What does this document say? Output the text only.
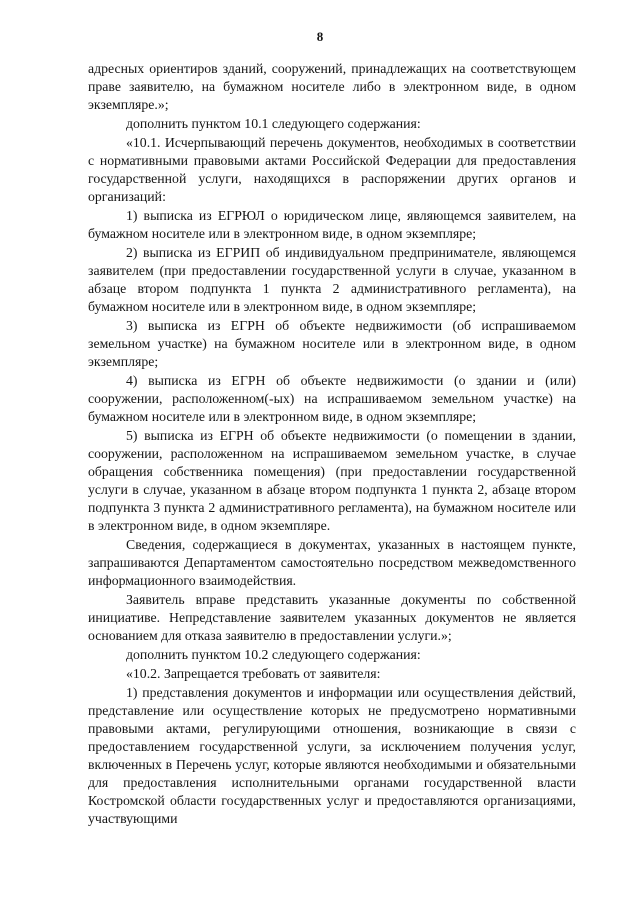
8

адресных ориентиров зданий, сооружений, принадлежащих на соответствующем праве заявителю, на бумажном носителе либо в электронном виде, в одном экземпляре.»;

дополнить пунктом 10.1 следующего содержания:

«10.1. Исчерпывающий перечень документов, необходимых в соответствии с нормативными правовыми актами Российской Федерации для предоставления государственной услуги, находящихся в распоряжении других органов и организаций:

1) выписка из ЕГРЮЛ о юридическом лице, являющемся заявителем, на бумажном носителе или в электронном виде, в одном экземпляре;

2) выписка из ЕГРИП об индивидуальном предпринимателе, являющемся заявителем (при предоставлении государственной услуги в случае, указанном в абзаце втором подпункта 1 пункта 2 административного регламента), на бумажном носителе или в электронном виде, в одном экземпляре;

3) выписка из ЕГРН об объекте недвижимости (об испрашиваемом земельном участке) на бумажном носителе или в электронном виде, в одном экземпляре;

4) выписка из ЕГРН об объекте недвижимости (о здании и (или) сооружении, расположенном(-ых) на испрашиваемом земельном участке) на бумажном носителе или в электронном виде, в одном экземпляре;

5) выписка из ЕГРН об объекте недвижимости (о помещении в здании, сооружении, расположенном на испрашиваемом земельном участке, в случае обращения собственника помещения) (при предоставлении государственной услуги в случае, указанном в абзаце втором подпункта 1 пункта 2, абзаце втором подпункта 3 пункта 2 административного регламента), на бумажном носителе или в электронном виде, в одном экземпляре.

Сведения, содержащиеся в документах, указанных в настоящем пункте, запрашиваются Департаментом самостоятельно посредством межведомственного информационного взаимодействия.

Заявитель вправе представить указанные документы по собственной инициативе. Непредставление заявителем указанных документов не является основанием для отказа заявителю в предоставлении услуги.»;

дополнить пунктом 10.2 следующего содержания:

«10.2. Запрещается требовать от заявителя:

1) представления документов и информации или осуществления действий, представление или осуществление которых не предусмотрено нормативными правовыми актами, регулирующими отношения, возникающие в связи с предоставлением государственной услуги, за исключением получения услуг, включенных в Перечень услуг, которые являются необходимыми и обязательными для предоставления исполнительными органами государственной власти Костромской области государственных услуг и предоставляются организациями, участвующими
